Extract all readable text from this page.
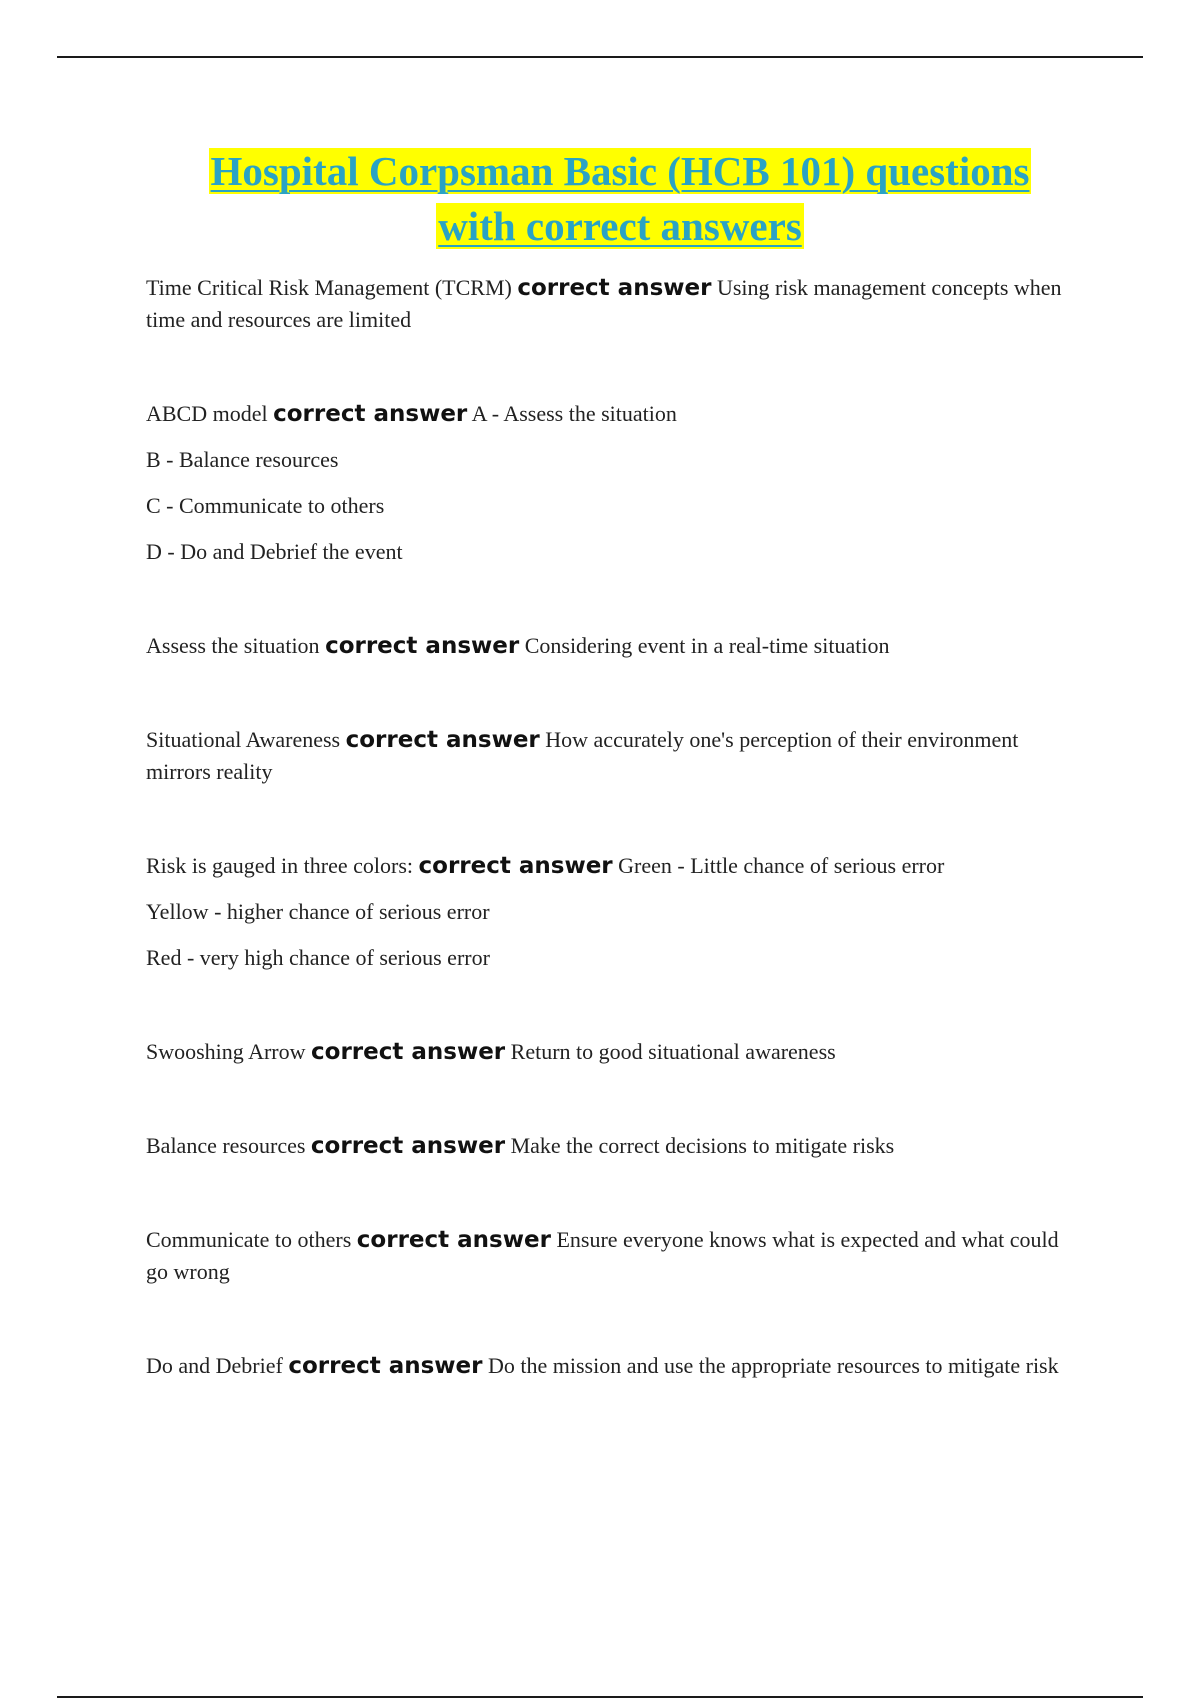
Hospital Corpsman Basic (HCB 101) questions
with correct answers

Time Critical Risk Management (TCRM) correct answer Using risk management concepts when time and resources are limited

ABCD model correct answer A - Assess the situation

B - Balance resources

C - Communicate to others

D - Do and Debrief the event

Assess the situation correct answer Considering event in a real-time situation

Situational Awareness correct answer How accurately one's perception of their environment mirrors reality

Risk is gauged in three colors: correct answer Green - Little chance of serious error

Yellow - higher chance of serious error

Red - very high chance of serious error

Swooshing Arrow correct answer Return to good situational awareness

Balance resources correct answer Make the correct decisions to mitigate risks

Communicate to others correct answer Ensure everyone knows what is expected and what could go wrong

Do and Debrief correct answer Do the mission and use the appropriate resources to mitigate risk
